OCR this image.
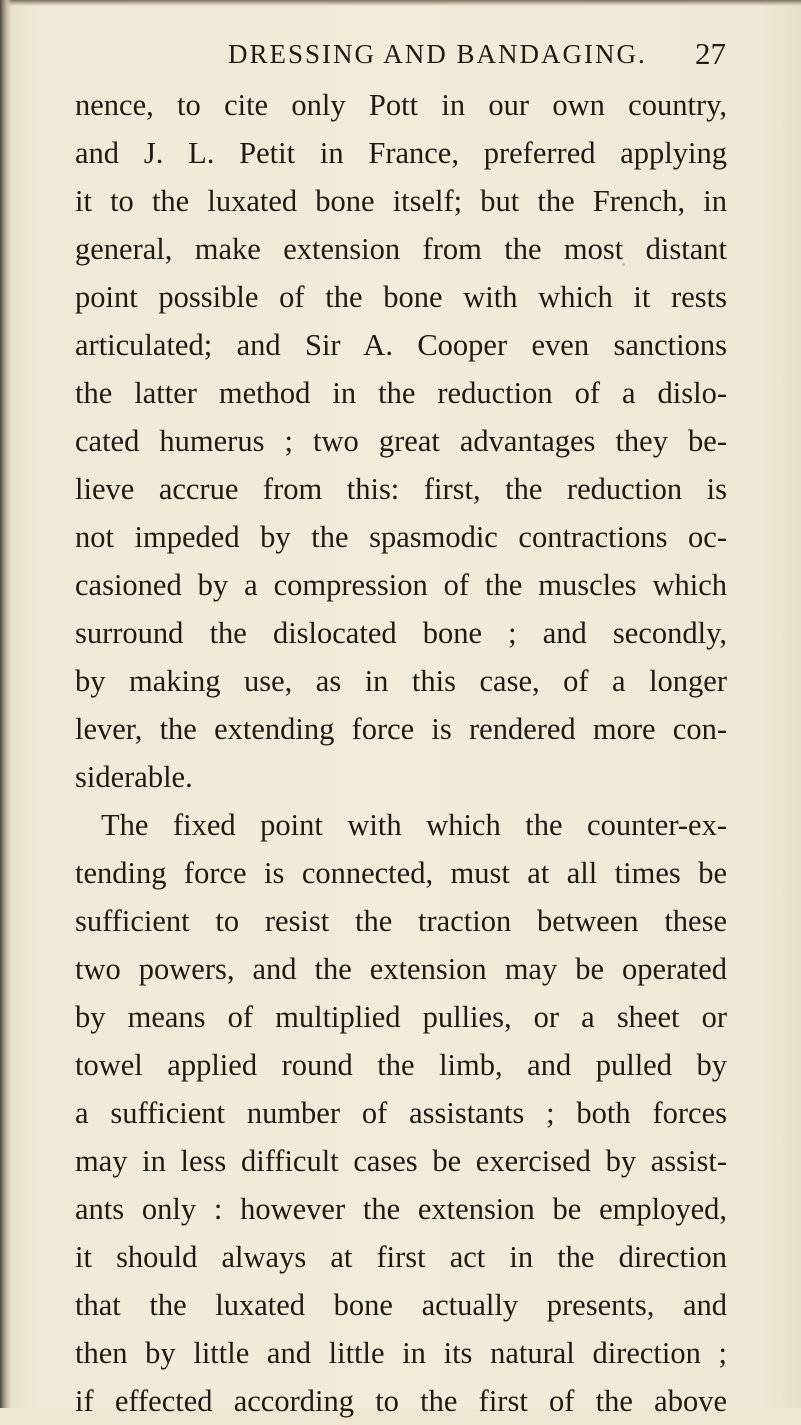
DRESSING AND BANDAGING. 27
nence, to cite only Pott in our own country,
and J. L. Petit in France, preferred applying
it to the luxated bone itself; but the French, in
general, make extension from the most distant
point possible of the bone with which it rests
articulated; and Sir A. Cooper even sanctions
the latter method in the reduction of a dislo-
cated humerus ; two great advantages they be-
lieve accrue from this: first, the reduction is
not impeded by the spasmodic contractions oc-
casioned by a compression of the muscles which
surround the dislocated bone ; and secondly,
by making use, as in this case, of a longer
lever, the extending force is rendered more con-
siderable.
The fixed point with which the counter-ex-
tending force is connected, must at all times be
sufficient to resist the traction between these
two powers, and the extension may be operated
by means of multiplied pullies, or a sheet or
towel applied round the limb, and pulled by
a sufficient number of assistants ; both forces
may in less difficult cases be exercised by assist-
ants only : however the extension be employed,
it should always at first act in the direction
that the luxated bone actually presents, and
then by little and little in its natural direction ;
if effected according to the first of the above
